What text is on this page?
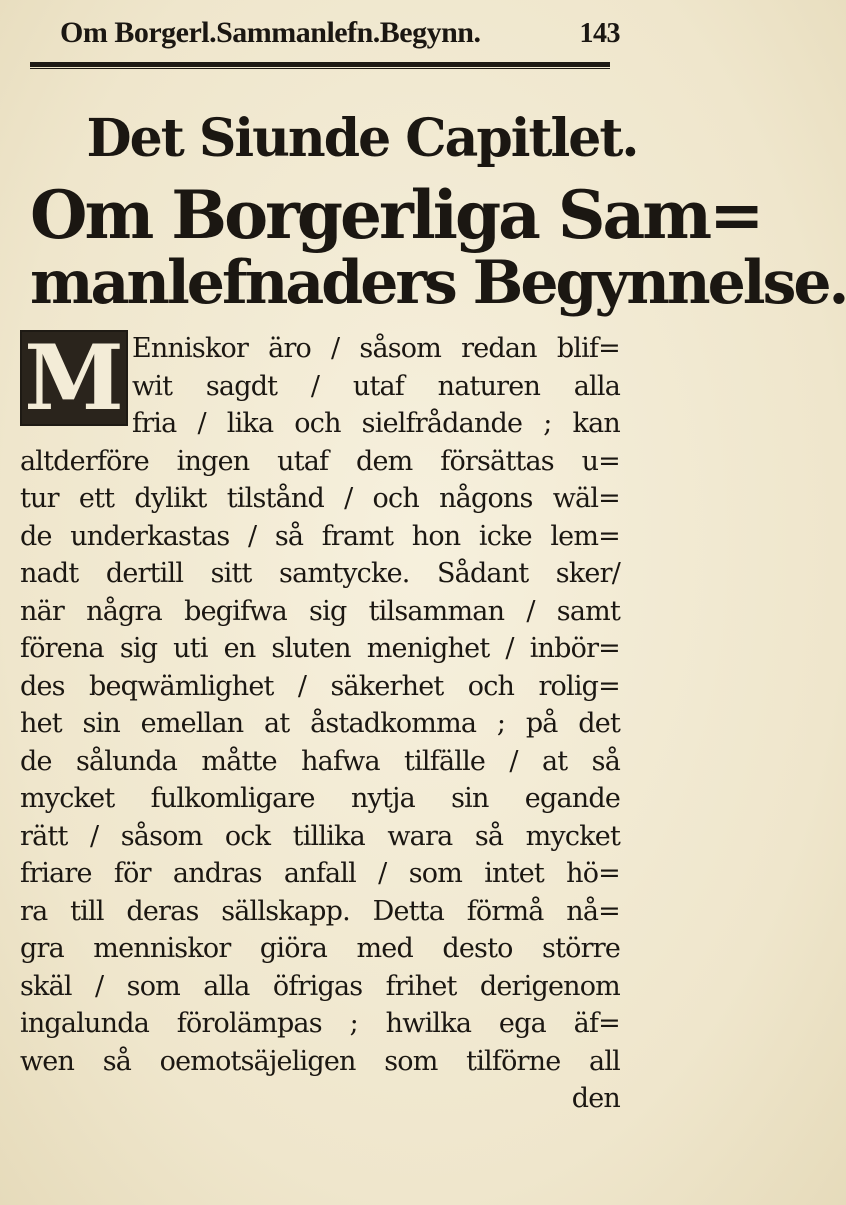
Om Borgerl.Sammanlefn.Begynn.	143
Det Siunde Capitlet.
Om Borgerliga Sam=
manlefnaders Begynnelse.
M Enniskor äro / såsom redan blif=
wit sagdt / utaf naturen alla
fria / lika och sielfrådande ; kan
altderföre ingen utaf dem försättas u=
tur ett dylikt tilstånd / och någons wäl=
de underkastas / så framt hon icke lem=
nadt dertill sitt samtycke. Sådant sker/
när några begifwa sig tilsamman / samt
förena sig uti en sluten menighet / inbör=
des beqwämlighet / säkerhet och rolig=
het sin emellan at åstadkomma ; på det
de sålunda måtte hafwa tilfälle / at så
mycket fulkomligare nytja sin egande
rätt / såsom ock tillika wara så mycket
friare för andras anfall / som intet hö=
ra till deras sällskapp. Detta förmå nå=
gra menniskor giöra med desto större
skäl / som alla öfrigas frihet derigenom
ingalunda förolämpas ; hwilka ega äf=
wen så oemotsäjeligen som tilförne all
den
